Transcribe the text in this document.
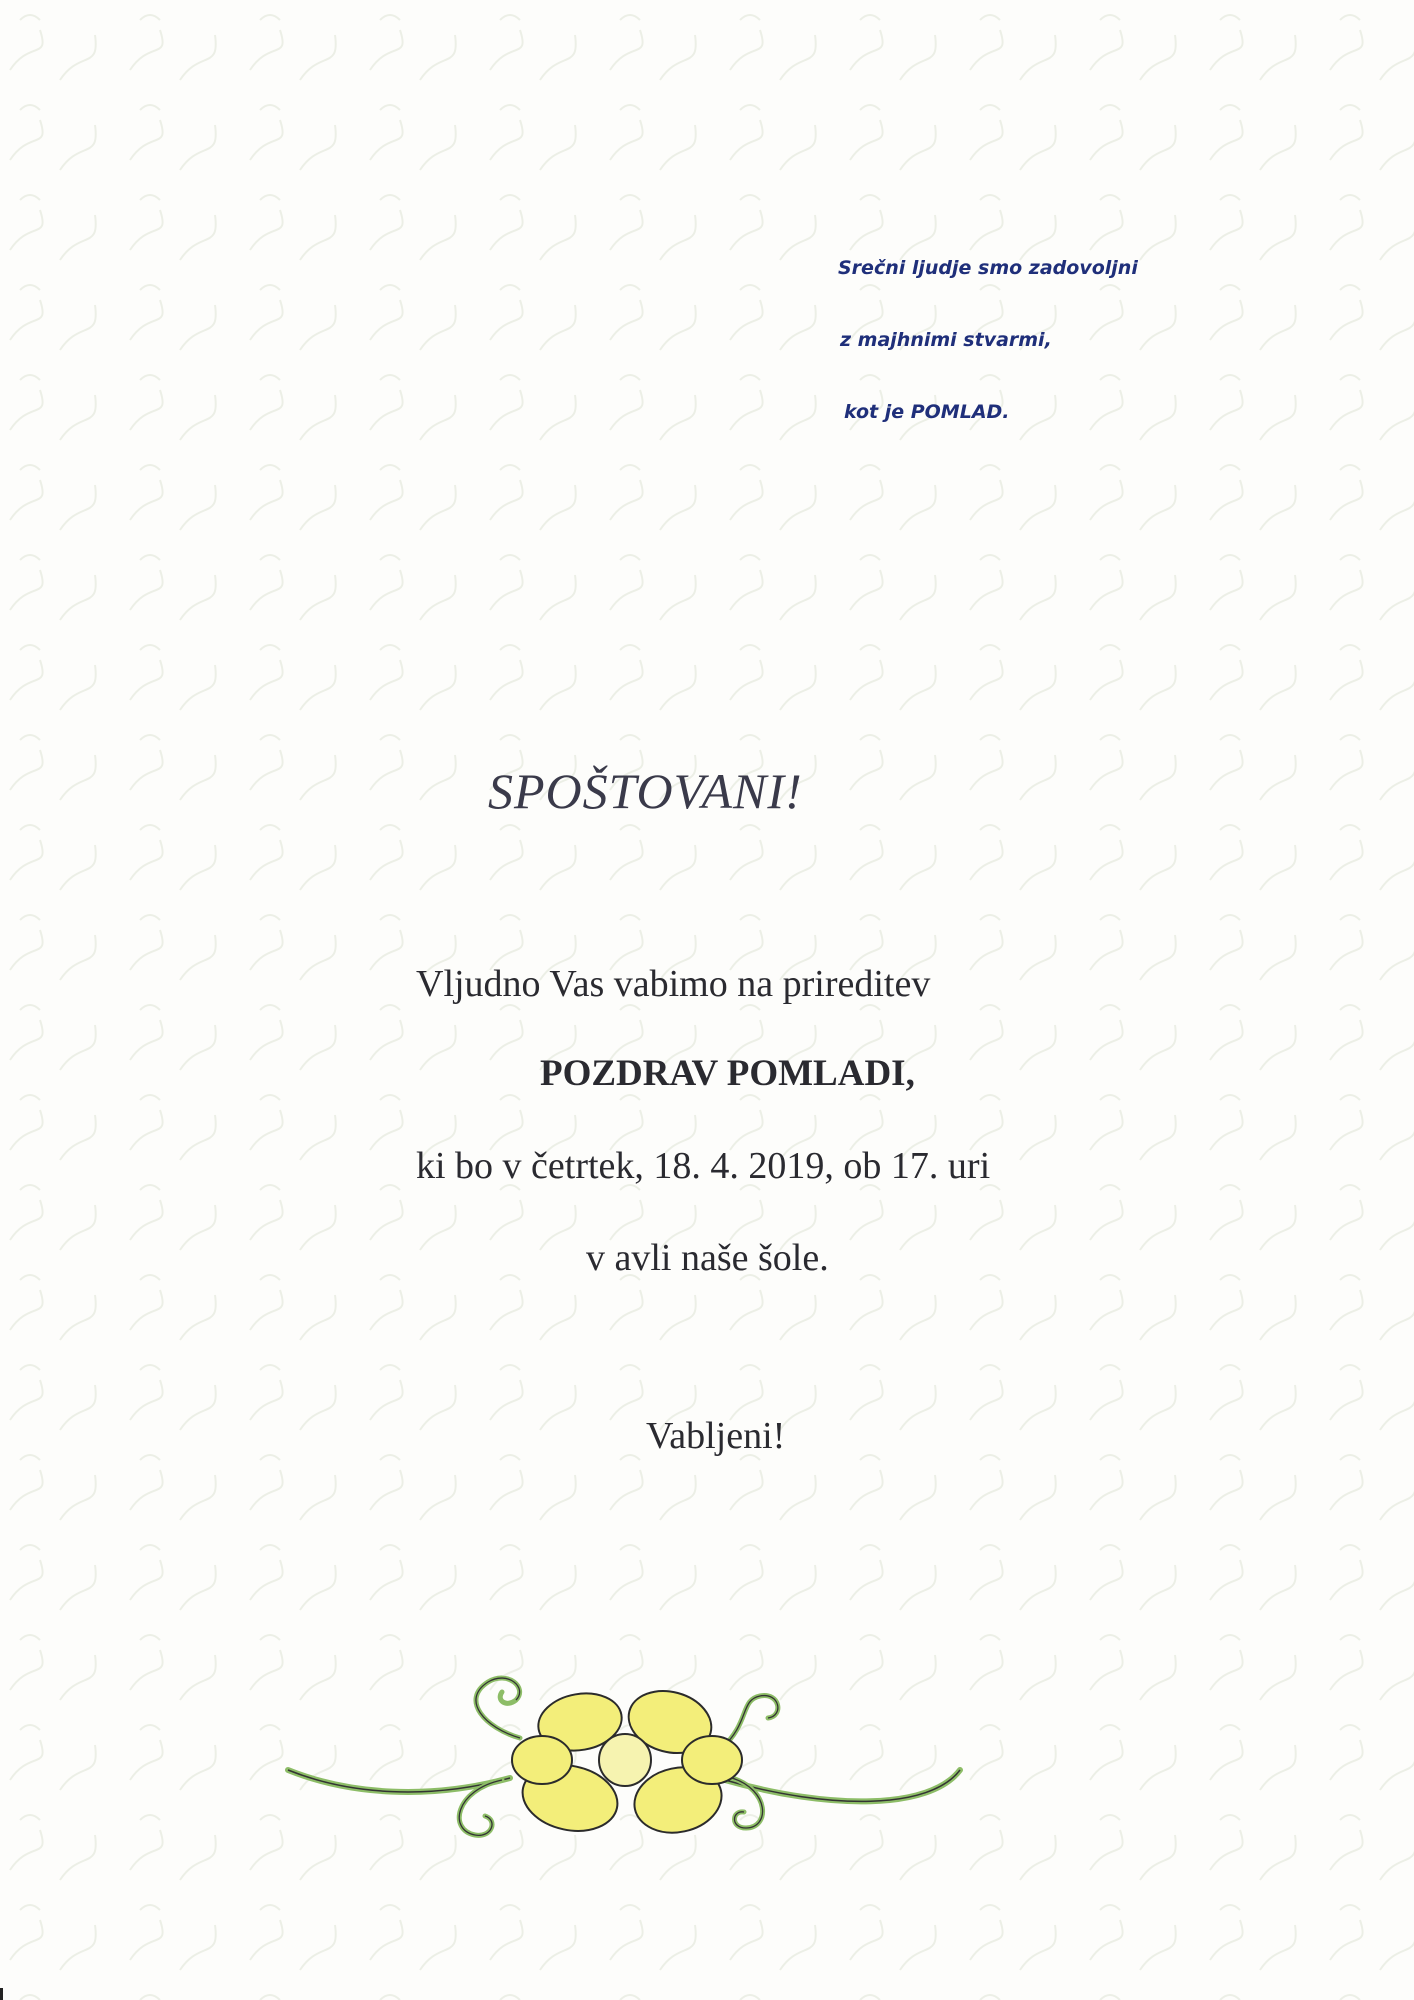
Srečni ljudje smo zadovoljni
z majhnimi stvarmi,
kot je POMLAD.
SPOŠTOVANI!
Vljudno Vas vabimo na prireditev
POZDRAV POMLADI,
ki bo v četrtek, 18. 4. 2019, ob 17. uri
v avli naše šole.
Vabljeni!
